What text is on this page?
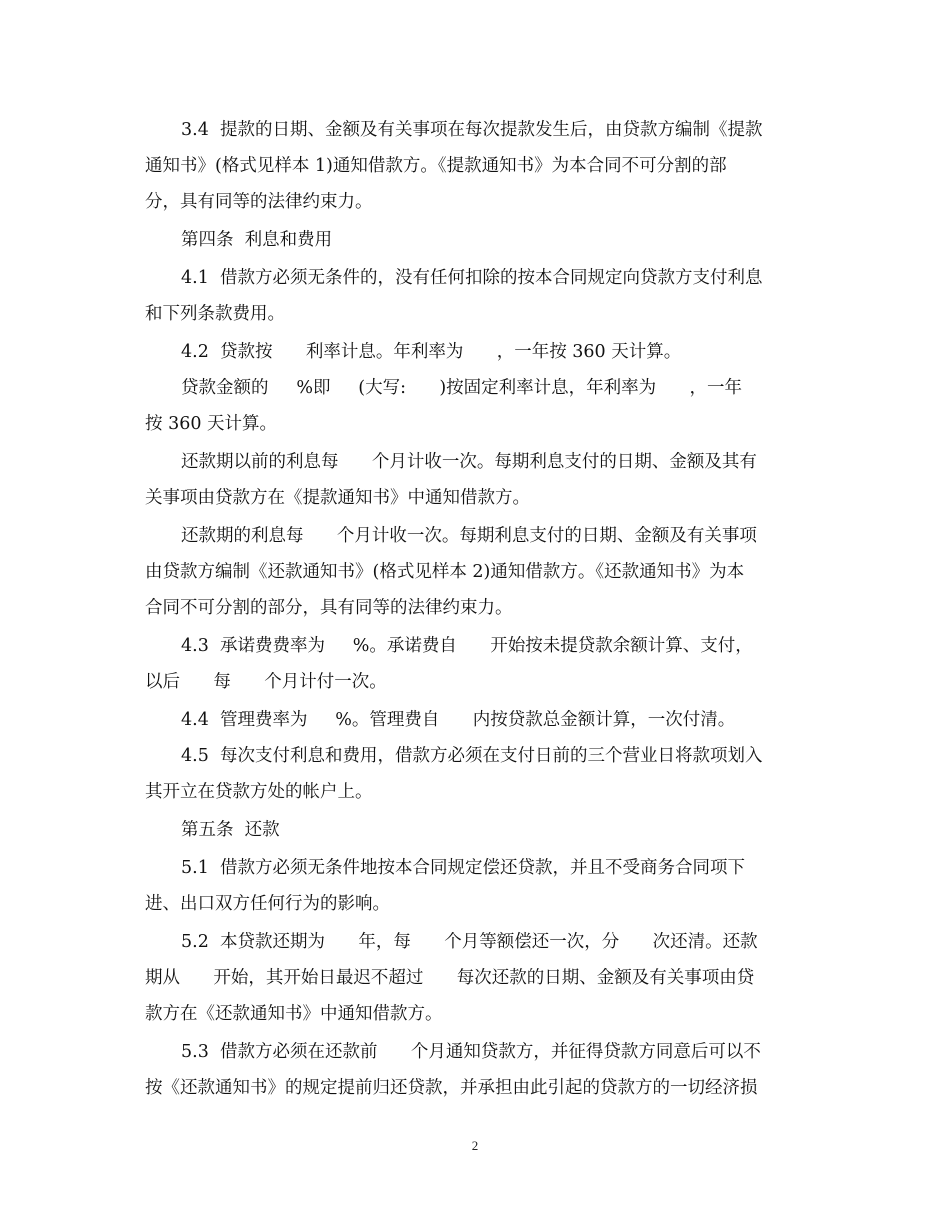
3.4  提款的日期、金额及有关事项在每次提款发生后，由贷款方编制《提款
通知书》(格式见样本 1)通知借款方。《提款通知书》为本合同不可分割的部
分，具有同等的法律约束力。
第四条  利息和费用
4.1  借款方必须无条件的，没有任何扣除的按本合同规定向贷款方支付利息
和下列条款费用。
4.2  贷款按      利率计息。年利率为      ，一年按 360 天计算。
贷款金额的     %即     (大写:      )按固定利率计息，年利率为      ，一年
按 360 天计算。
还款期以前的利息每      个月计收一次。每期利息支付的日期、金额及其有
关事项由贷款方在《提款通知书》中通知借款方。
还款期的利息每      个月计收一次。每期利息支付的日期、金额及有关事项
由贷款方编制《还款通知书》(格式见样本 2)通知借款方。《还款通知书》为本
合同不可分割的部分，具有同等的法律约束力。
4.3  承诺费费率为     %。承诺费自      开始按未提贷款余额计算、支付，
以后      每      个月计付一次。
4.4  管理费率为     %。管理费自      内按贷款总金额计算，一次付清。
4.5  每次支付利息和费用，借款方必须在支付日前的三个营业日将款项划入
其开立在贷款方处的帐户上。
第五条  还款
5.1  借款方必须无条件地按本合同规定偿还贷款，并且不受商务合同项下
进、出口双方任何行为的影响。
5.2  本贷款还期为      年，每      个月等额偿还一次，分      次还清。还款
期从      开始，其开始日最迟不超过      每次还款的日期、金额及有关事项由贷
款方在《还款通知书》中通知借款方。
5.3  借款方必须在还款前      个月通知贷款方，并征得贷款方同意后可以不
按《还款通知书》的规定提前归还贷款，并承担由此引起的贷款方的一切经济损
2
